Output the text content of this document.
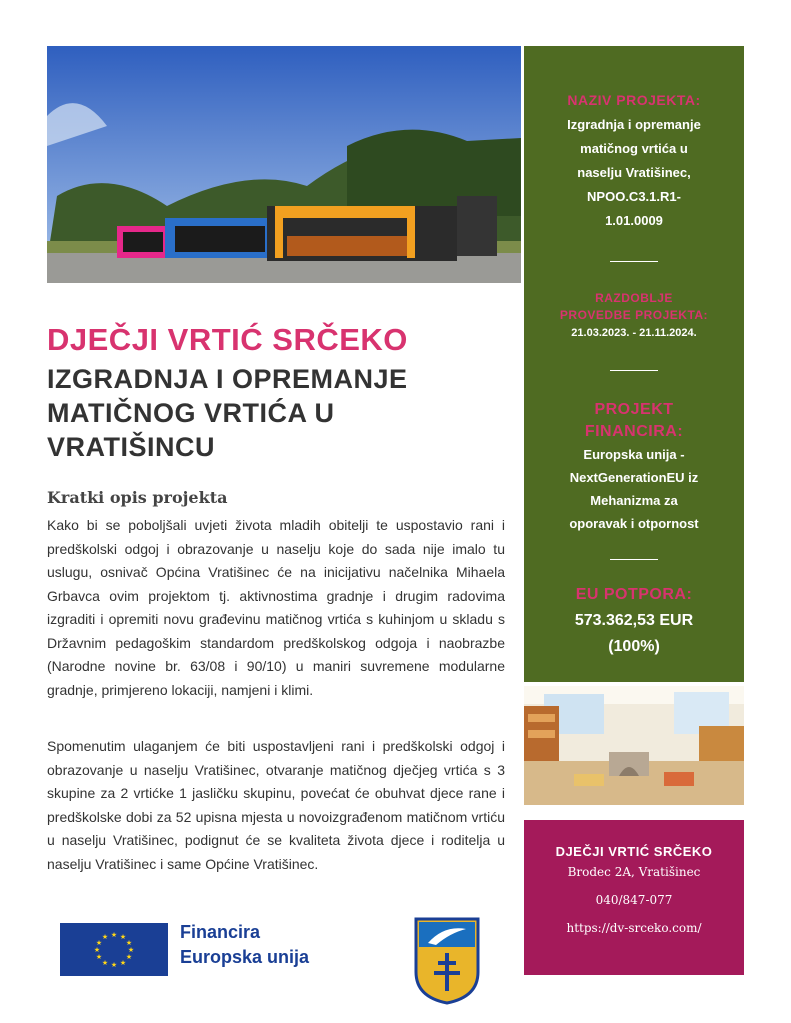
NAZIV PROJEKTA:
Izgradnja i opremanje
matičnog vrtića u
naselju Vratišinec,
NPOO.C3.1.R1-
1.01.0009
RAZDOBLJE
PROVEDBE PROJEKTA:
21.03.2023. - 21.11.2024.
PROJEKT
FINANCIRA:
Europska unija -
NextGenerationEU iz
Mehanizma za
oporavak i otpornost
EU POTPORA:
573.362,53 EUR
(100%)
DJEČJI VRTIĆ SRČEKO
IZGRADNJA I OPREMANJE
MATIČNOG VRTIĆA U
VRATIŠINCU
Kratki opis projekta
Kako bi se poboljšali uvjeti života mladih obitelji te uspostavio rani i predškolski odgoj i obrazovanje u naselju koje do sada nije imalo tu uslugu, osnivač Općina Vratišinec će na inicijativu načelnika Mihaela Grbavca ovim projektom tj. aktivnostima gradnje i drugim radovima izgraditi i opremiti novu građevinu matičnog vrtića s kuhinjom u skladu s Državnim pedagoškim standardom predškolskog odgoja i naobrazbe (Narodne novine br. 63/08 i 90/10) u maniri suvremene modularne gradnje, primjereno lokaciji, namjeni i klimi.
Spomenutim ulaganjem će biti uspostavljeni rani i predškolski odgoj i obrazovanje u naselju Vratišinec, otvaranje matičnog dječjeg vrtića s 3 skupine za 2 vrtićke 1 jasličku skupinu, povećat će obuhvat djece rane i predškolske dobi za 52 upisna mjesta u novoizgrađenom matičnom vrtiću u naselju Vratišinec, podignut će se kvaliteta života djece i roditelja u naselju Vratišinec i same Općine Vratišinec.
DJEČJI VRTIĆ SRČEKO
Brodec 2A, Vratišinec
040/847-077
https://dv-srceko.com/
★ ★
★
★
★
★
★
★
★
★
★
★	Financira
Europska unija
